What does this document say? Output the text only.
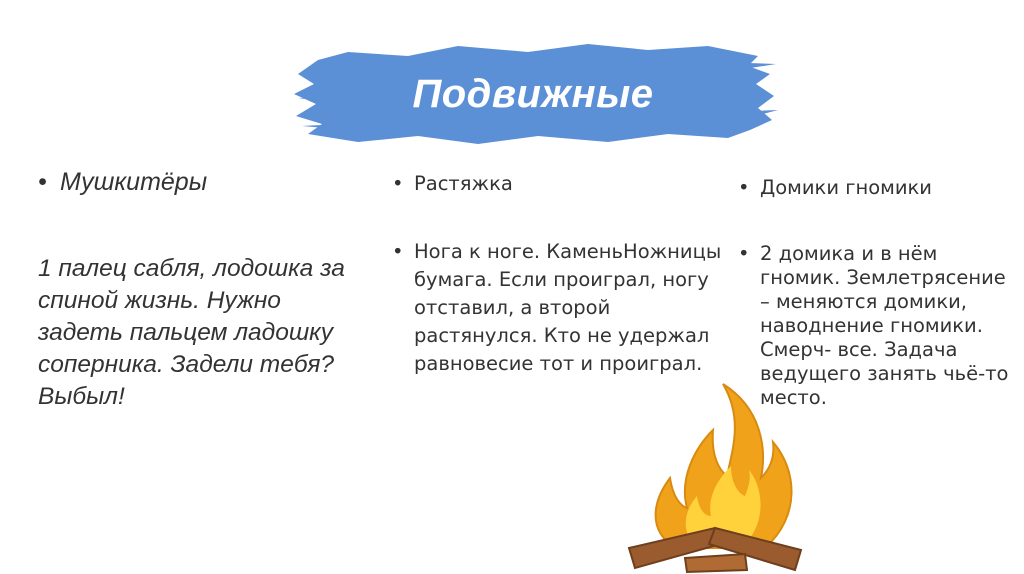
Подвижные
• Мушкитёры
1 палец сабля, лодошка за спиной жизнь. Нужно задеть пальцем ладошку соперника. Задели тебя? Выбыл!
• Растяжка
• Нога к ноге. КаменьНожницы бумага. Если проиграл, ногу отставил, а второй растянулся. Кто не удержал равновесие тот и проиграл.
• Домики гномики
• 2 домика и в нём гномик. Землетрясение – меняются домики, наводнение гномики. Смерч- все. Задача ведущего занять чьё-то место.
